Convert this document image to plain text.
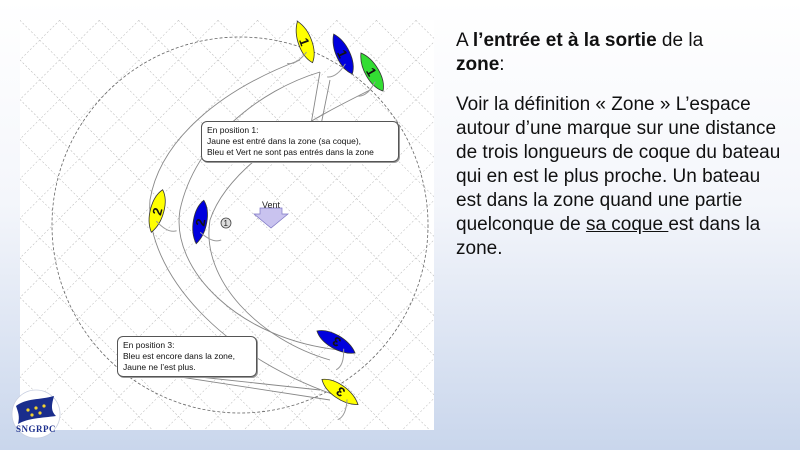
Vent
1
1
1
1
2
2
3
3
En position 1:
Jaune est entré dans la zone (sa coque),
Bleu et Vert ne sont pas entrés dans la zone
En position 3:
Bleu est encore dans la zone,
Jaune ne l’est plus.

A l’entrée et à la sortie de la
zone:

Voir la définition « Zone » L’espace autour d’une marque sur une distance de trois longueurs de coque du bateau qui en est le plus proche. Un bateau est dans la zone quand une partie quelconque de sa coque est dans la zone.

SNGRPC
